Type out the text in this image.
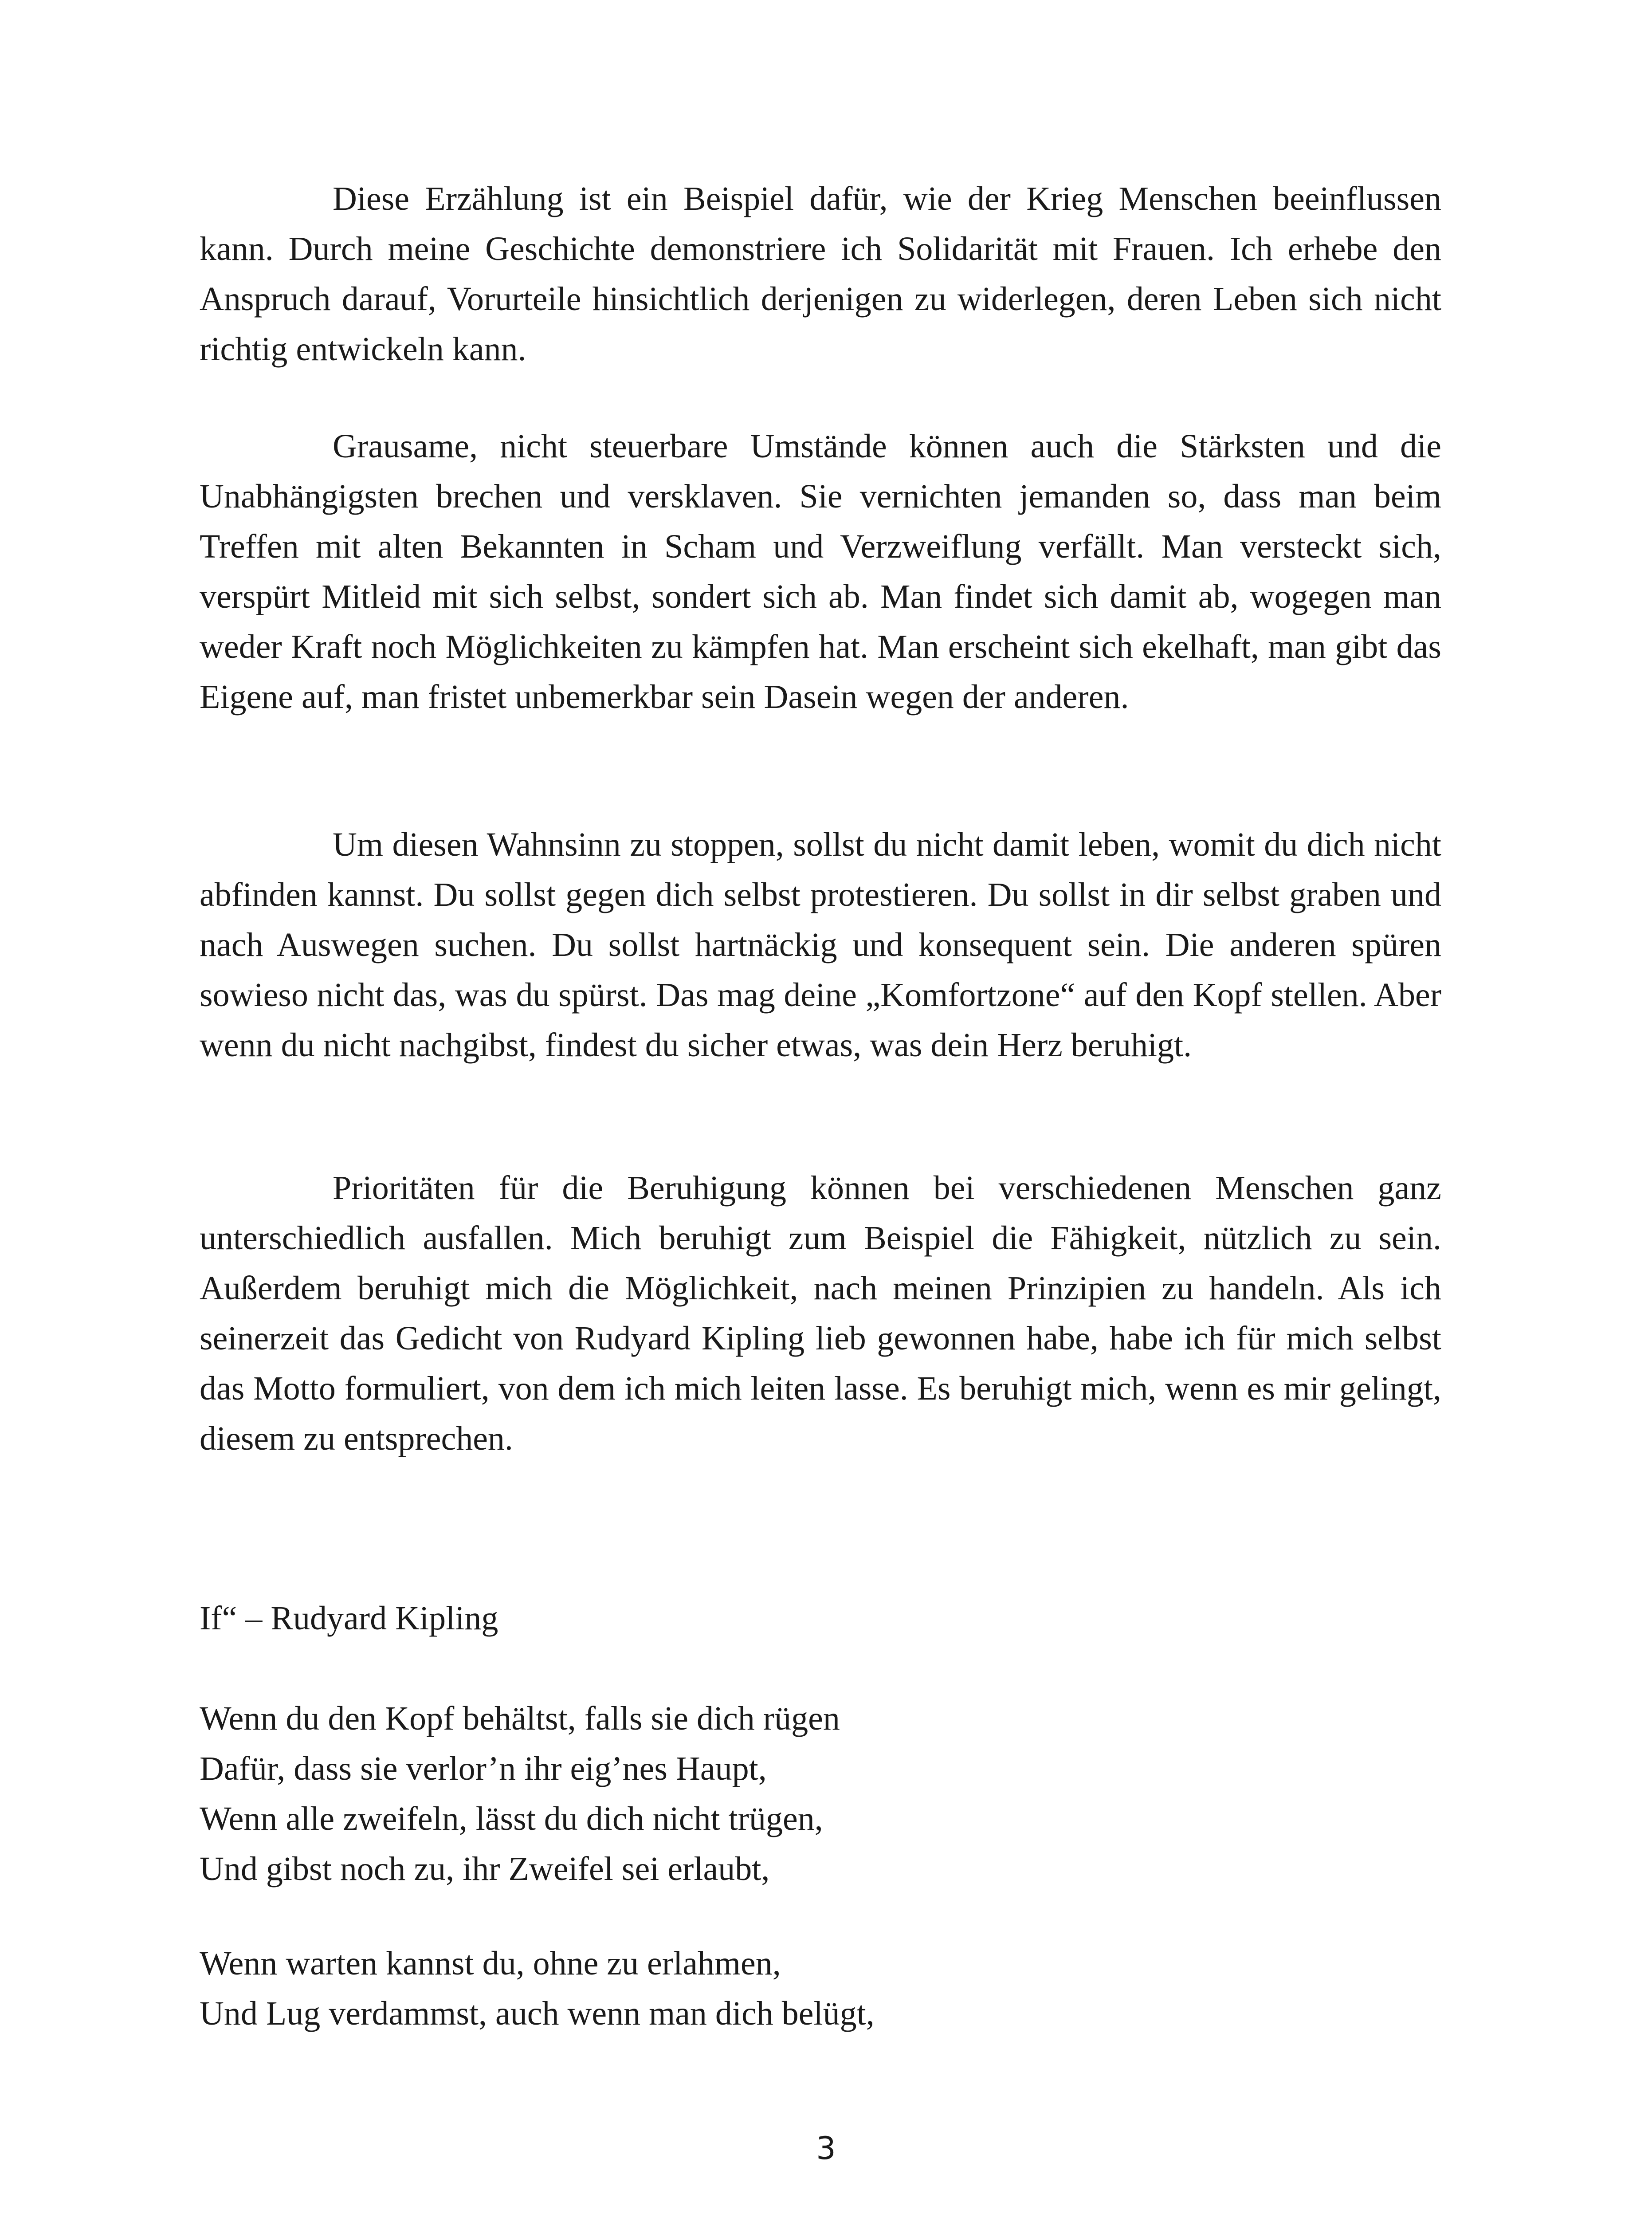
Diese Erzählung ist ein Beispiel dafür, wie der Krieg Menschen beeinflussen kann. Durch meine Geschichte demonstriere ich Solidarität mit Frauen. Ich erhebe den Anspruch darauf, Vorurteile hinsichtlich derjenigen zu widerlegen, deren Leben sich nicht richtig entwickeln kann.

Grausame, nicht steuerbare Umstände können auch die Stärksten und die Unabhängigsten brechen und versklaven. Sie vernichten jemanden so, dass man beim Treffen mit alten Bekannten in Scham und Verzweiflung verfällt. Man versteckt sich, verspürt Mitleid mit sich selbst, sondert sich ab. Man findet sich damit ab, wogegen man weder Kraft noch Möglichkeiten zu kämpfen hat. Man erscheint sich ekelhaft, man gibt das Eigene auf, man fristet unbemerkbar sein Dasein wegen der anderen.

Um diesen Wahnsinn zu stoppen, sollst du nicht damit leben, womit du dich nicht abfinden kannst. Du sollst gegen dich selbst protestieren. Du sollst in dir selbst graben und nach Auswegen suchen. Du sollst hartnäckig und konsequent sein. Die anderen spüren sowieso nicht das, was du spürst. Das mag deine „Komfortzone“ auf den Kopf stellen. Aber wenn du nicht nachgibst, findest du sicher etwas, was dein Herz beruhigt.

Prioritäten für die Beruhigung können bei verschiedenen Menschen ganz unterschiedlich ausfallen. Mich beruhigt zum Beispiel die Fähigkeit, nützlich zu sein. Außerdem beruhigt mich die Möglichkeit, nach meinen Prinzipien zu handeln. Als ich seinerzeit das Gedicht von Rudyard Kipling lieb gewonnen habe, habe ich für mich selbst das Motto formuliert, von dem ich mich leiten lasse. Es beruhigt mich, wenn es mir gelingt, diesem zu entsprechen.

If“ – Rudyard Kipling

Wenn du den Kopf behältst, falls sie dich rügen
Dafür, dass sie verlor’n ihr eig’nes Haupt,
Wenn alle zweifeln, lässt du dich nicht trügen,
Und gibst noch zu, ihr Zweifel sei erlaubt,
Wenn warten kannst du, ohne zu erlahmen,
Und Lug verdammst, auch wenn man dich belügt,
3
